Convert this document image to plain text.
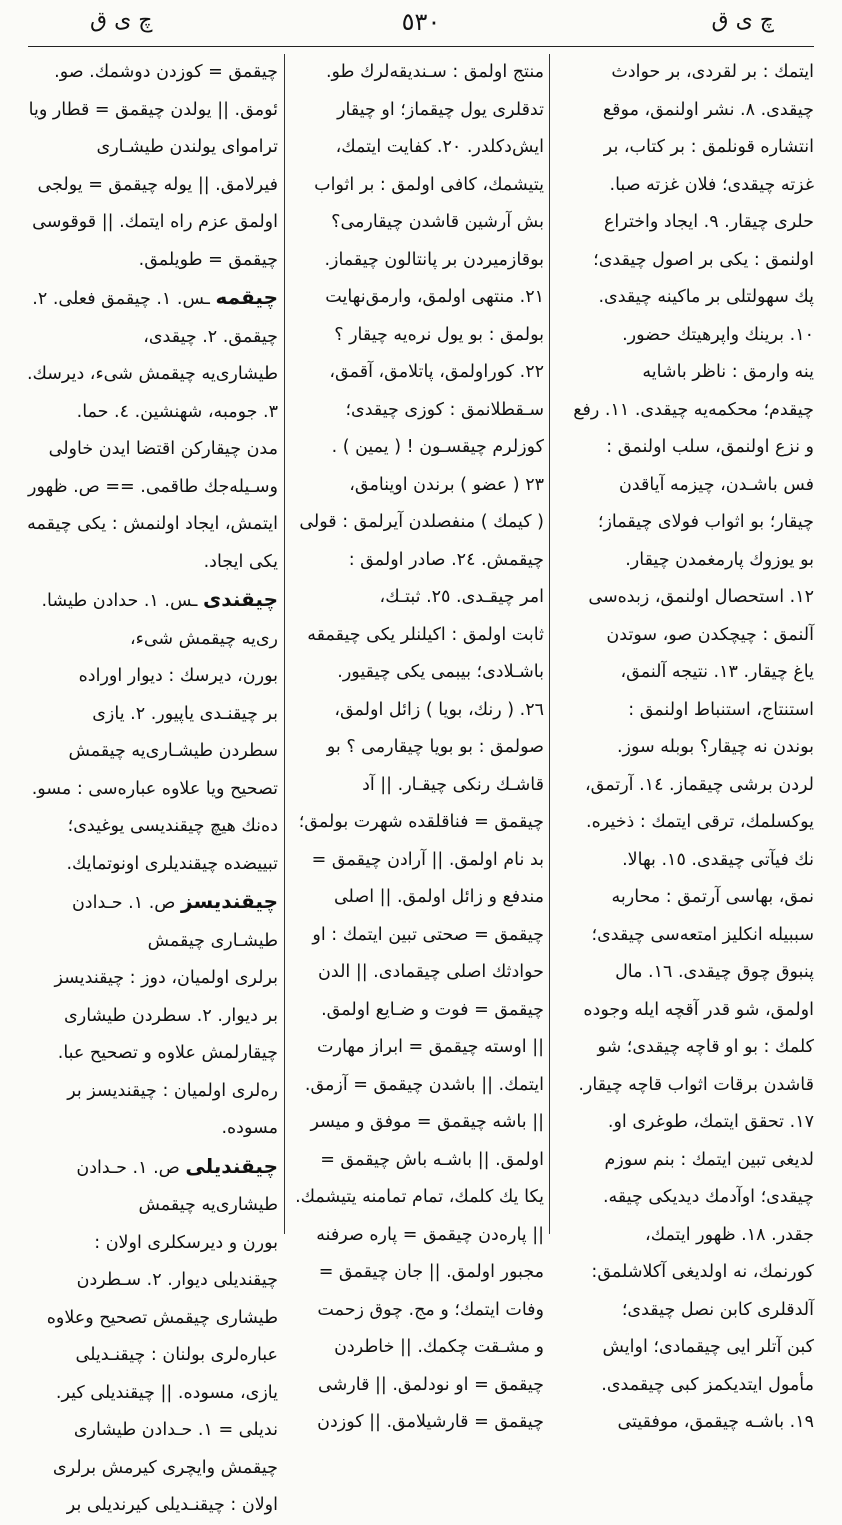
چ ی ق	٥٣٠	چ ی ق
ایتمك : بر لقردی، بر حوادث
چیقدی. ٨. نشر اولنمق، موقع
انتشاره قونلمق : بر کتاب، بر
غزته چیقدی؛ فلان غزته صبا.
حلری چیقار. ٩. ایجاد واختراع
اولنمق : یکی بر اصول چیقدی؛
پك سهولتلی بر ماکینه چیقدی.
١٠. برینك واپرهیتك حضور.
ینه وارمق : ناظر باشایه
چیقدم؛ محکمه‌یه چیقدی. ١١. رفع
و نزع اولنمق، سلب اولنمق :
فس باشـدن، چیزمه آیاقدن
چیقار؛ بو اثواب فولای چیقماز؛
بو یوزوك پارمغمدن چیقار.
١٢. استحصال اولنمق، زبده‌سی
آلنمق : چیچکدن صو، سوتدن
یاغ چیقار. ١٣. نتیجه آلنمق،
استنتاج، استنباط اولنمق :
بوندن نه چیقار؟ بوبله سوز.
لردن برشی چیقماز. ١٤. آرتمق،
یوکسلمك، ترقی ایتمك : ذخیره.
نك فیآتی چیقدی. ١٥. بهالا.
نمق، بهاسی آرتمق : محاربه
سببیله انکلیز امتعه‌سی چیقدی؛
پنبوق چوق چیقدی. ١٦. مال
اولمق، شو قدر آقچه ایله وجوده
کلمك : بو او قاچه چیقدی؛ شو
قاشدن برقات اثواب قاچه چیقار.
١٧. تحقق ایتمك، طوغری او.
لدیغی تبین ایتمك : بنم سوزم
چیقدی؛ اوآدمك دیدیکی چیقه.
جقدر. ١٨. ظهور ایتمك،
کورنمك، نه اولدیغی آکلاشلمق:
آلدقلری کابن نصل چیقدی؛
کبن آتلر ایی چیقمادی؛ اوایش
مأمول ایتدیکمز کبی چیقمدی.
١٩. باشـه چیقمق، موفقیتی
منتج اولمق : سـندیقه‌لرك طو.
تدقلری یول چیقماز؛ او چیقار
ایش‌دکلدر. ٢٠. کفایت ایتمك،
یتیشمك، کافی اولمق : بر اثواب
بش آرشین قاشدن چیقارمی؟
بوقازمیردن بر پانتالون چیقماز.
٢١. منتهی اولمق، وارمق‌نهایت
بولمق : بو یول نره‌یه چیقار ؟
٢٢. کوراولمق، پاتلامق، آقمق،
سـقطلانمق : کوزی چیقدی؛
کوزلرم چیقسـون ! ( یمین ) .
٢٣ ( عضو ) برندن اوینامق،
( کیمك ) منفصلدن آیرلمق : قولی
چیقمش. ٢٤. صادر اولمق :
امر چیقـدی. ٢٥. ثبتـك،
ثابت اولمق : اکیلنلر یکی چیقمقه
باشـلادی؛ بیبمی یکی چیقیور.
٢٦. ( رنك، بویا ) زائل اولمق،
صولمق : بو بویا چیقارمی ؟ بو
قاشـك رنکی چیقـار. || آد
چیقمق = فناقلقده شهرت بولمق؛
بد نام اولمق. || آرادن چیقمق =
مندفع و زائل اولمق. || اصلی
چیقمق = صحتی تبین ایتمك : او
حوادثك اصلی چیقمادی. || الدن
چیقمق = فوت و ضـایع اولمق.
|| اوسته چیقمق = ابراز مهارت
ایتمك. || باشدن چیقمق = آزمق.
|| باشه چیقمق = موفق و میسر
اولمق. || باشـه باش چیقمق =
یکا یك کلمك، تمام تمامنه یتیشمك.
|| پاره‌دن چیقمق = پاره صرفنه
مجبور اولمق. || جان چیقمق =
وفات ایتمك؛ و مج. چوق زحمت
و مشـقت چکمك. || خاطردن
چیقمق = او نودلمق. || قارشی
چیقمق = قارشیلامق. || کوزدن
چیقمق = کوزدن دوشمك. صو.
ئومق. || یولدن چیقمق = قطار ویا
تراموای یولندن طیشـاری
فیرلامق. || یوله چیقمق = یولجی
اولمق عزم راه ایتمك. || قوقوسی
چیقمق = طویلمق.
چیقمه ـس. ١. چیقمق فعلی. ٢.
چیقمق. ٢. چیقدی،
طیشاری‌یه چیقمش شیء، دیرسك.
٣. جومبه، شهنشین. ٤. حما.
مدن چیقارکن اقتضا ایدن خاولی
وسـیله‌جك طاقمی. == ص. ظهور
ایتمش، ایجاد اولنمش : یکی چیقمه
یکی ایجاد.
چیقندی ـس. ١. حدادن طیشا.
ری‌یه چیقمش شیء،
بورن، دیرسك : دیوار اوراده
بر چیقنـدی یاپیور. ٢. یازی
سطردن طیشـاری‌یه چیقمش
تصحیح ویا علاوه عباره‌سی : مسو.
ده‌نك هیچ چیقندیسی یوغیدی؛
تبییضده چیقندیلری اونوتمایك.
چیقندیسز ص. ١. حـدادن
طیشـاری چیقمش
برلری اولمیان، دوز : چیقندیسز
بر دیوار. ٢. سطردن طیشاری
چیقارلمش علاوه و تصحیح عبا.
ره‌لری اولمیان : چیقندیسز بر
مسوده.
چیقندیلی ص. ١. حـدادن
طیشاری‌یه چیقمش
بورن و دیرسکلری اولان :
چیقندیلی دیوار. ٢. سـطردن
طیشاری چیقمش تصحیح وعلاوه
عباره‌لری بولنان : چیقنـدیلی
یازی، مسوده. || چیقندیلی کیر.
ندیلی = ١. حـدادن طیشاری
چیقمش وایچری کیرمش برلری
اولان : چیقنـدیلی کیرندیلی بر
